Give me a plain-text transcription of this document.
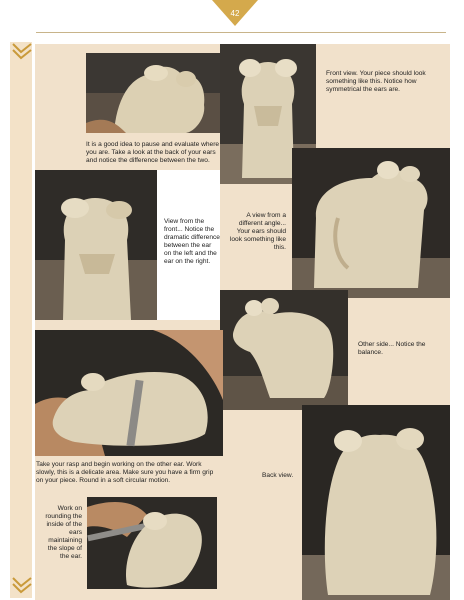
42
It is a good idea to pause and evaluate where you are. Take a look at the back of your ears and notice the difference between the two.
View from the front... Notice the dramatic difference between the ear on the left and the ear on the right.
Front view. Your piece should look something like this. Notice how symmetrical the ears are.
A view from a different angle... Your ears should look something like this.
Other side... Notice the balance.
Take your rasp and begin working on the other ear. Work slowly, this is a delicate area. Make sure you have a firm grip on your piece. Round in a soft circular motion.
Work on rounding the inside of the ears maintaining the slope of the ear.
Back view.
